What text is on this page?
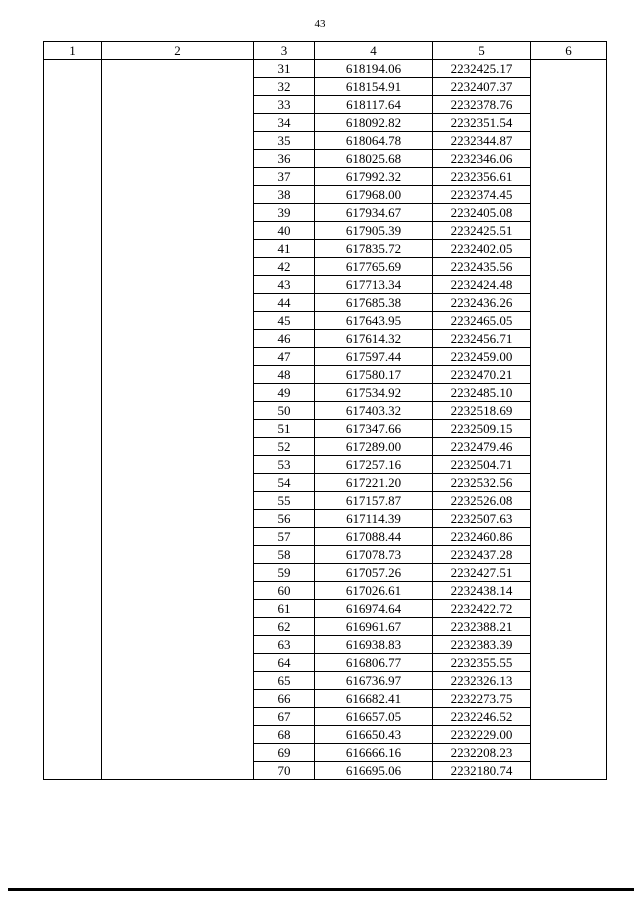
43
1	2	3	4	5	6
		31	618194.06	2232425.17	
		32	618154.91	2232407.37	
		33	618117.64	2232378.76	
		34	618092.82	2232351.54	
		35	618064.78	2232344.87	
		36	618025.68	2232346.06	
		37	617992.32	2232356.61	
		38	617968.00	2232374.45	
		39	617934.67	2232405.08	
		40	617905.39	2232425.51	
		41	617835.72	2232402.05	
		42	617765.69	2232435.56	
		43	617713.34	2232424.48	
		44	617685.38	2232436.26	
		45	617643.95	2232465.05	
		46	617614.32	2232456.71	
		47	617597.44	2232459.00	
		48	617580.17	2232470.21	
		49	617534.92	2232485.10	
		50	617403.32	2232518.69	
		51	617347.66	2232509.15	
		52	617289.00	2232479.46	
		53	617257.16	2232504.71	
		54	617221.20	2232532.56	
		55	617157.87	2232526.08	
		56	617114.39	2232507.63	
		57	617088.44	2232460.86	
		58	617078.73	2232437.28	
		59	617057.26	2232427.51	
		60	617026.61	2232438.14	
		61	616974.64	2232422.72	
		62	616961.67	2232388.21	
		63	616938.83	2232383.39	
		64	616806.77	2232355.55	
		65	616736.97	2232326.13	
		66	616682.41	2232273.75	
		67	616657.05	2232246.52	
		68	616650.43	2232229.00	
		69	616666.16	2232208.23	
		70	616695.06	2232180.74	
